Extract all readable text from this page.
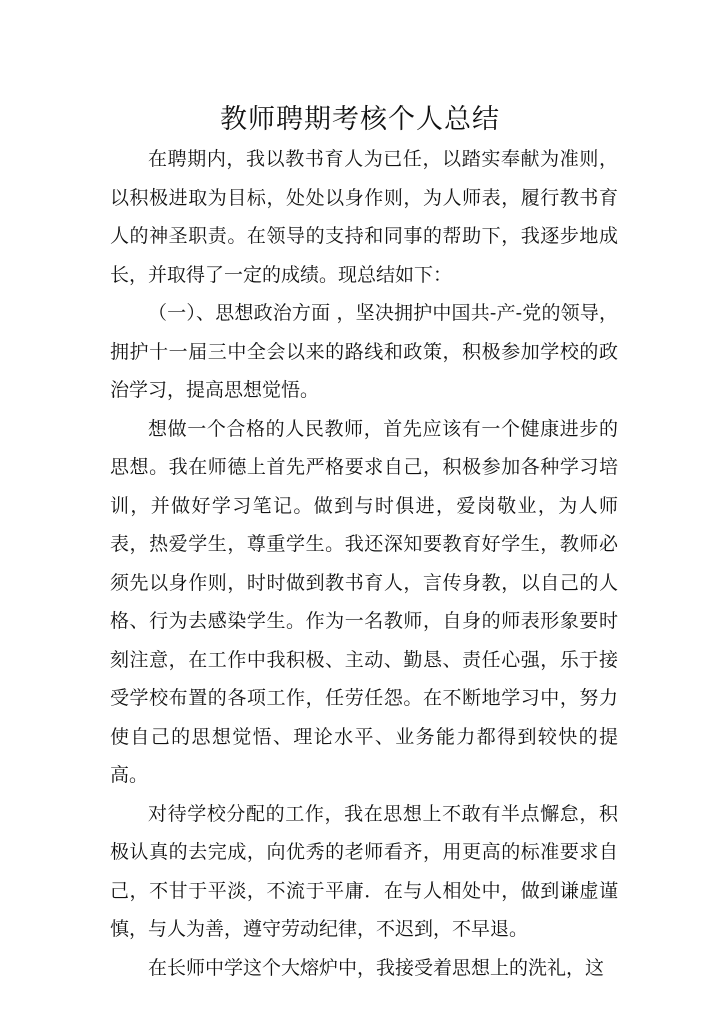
教师聘期考核个人总结

在聘期内，我以教书育人为已任，以踏实奉献为准则，以积极进取为目标，处处以身作则，为人师表，履行教书育人的神圣职责。在领导的支持和同事的帮助下，我逐步地成长，并取得了一定的成绩。现总结如下：

（一）、思想政治方面 ，坚决拥护中国共-产-党的领导，拥护十一届三中全会以来的路线和政策，积极参加学校的政治学习，提高思想觉悟。

想做一个合格的人民教师，首先应该有一个健康进步的思想。我在师德上首先严格要求自己，积极参加各种学习培训，并做好学习笔记。做到与时俱进，爱岗敬业，为人师表，热爱学生，尊重学生。我还深知要教育好学生，教师必须先以身作则，时时做到教书育人，言传身教，以自己的人格、行为去感染学生。作为一名教师，自身的师表形象要时刻注意，在工作中我积极、主动、勤恳、责任心强，乐于接受学校布置的各项工作，任劳任怨。在不断地学习中，努力使自己的思想觉悟、理论水平、业务能力都得到较快的提高。

对待学校分配的工作，我在思想上不敢有半点懈怠，积极认真的去完成，向优秀的老师看齐，用更高的标准要求自己，不甘于平淡，不流于平庸．在与人相处中，做到谦虚谨慎，与人为善，遵守劳动纪律，不迟到，不早退。

在长师中学这个大熔炉中，我接受着思想上的洗礼，这
